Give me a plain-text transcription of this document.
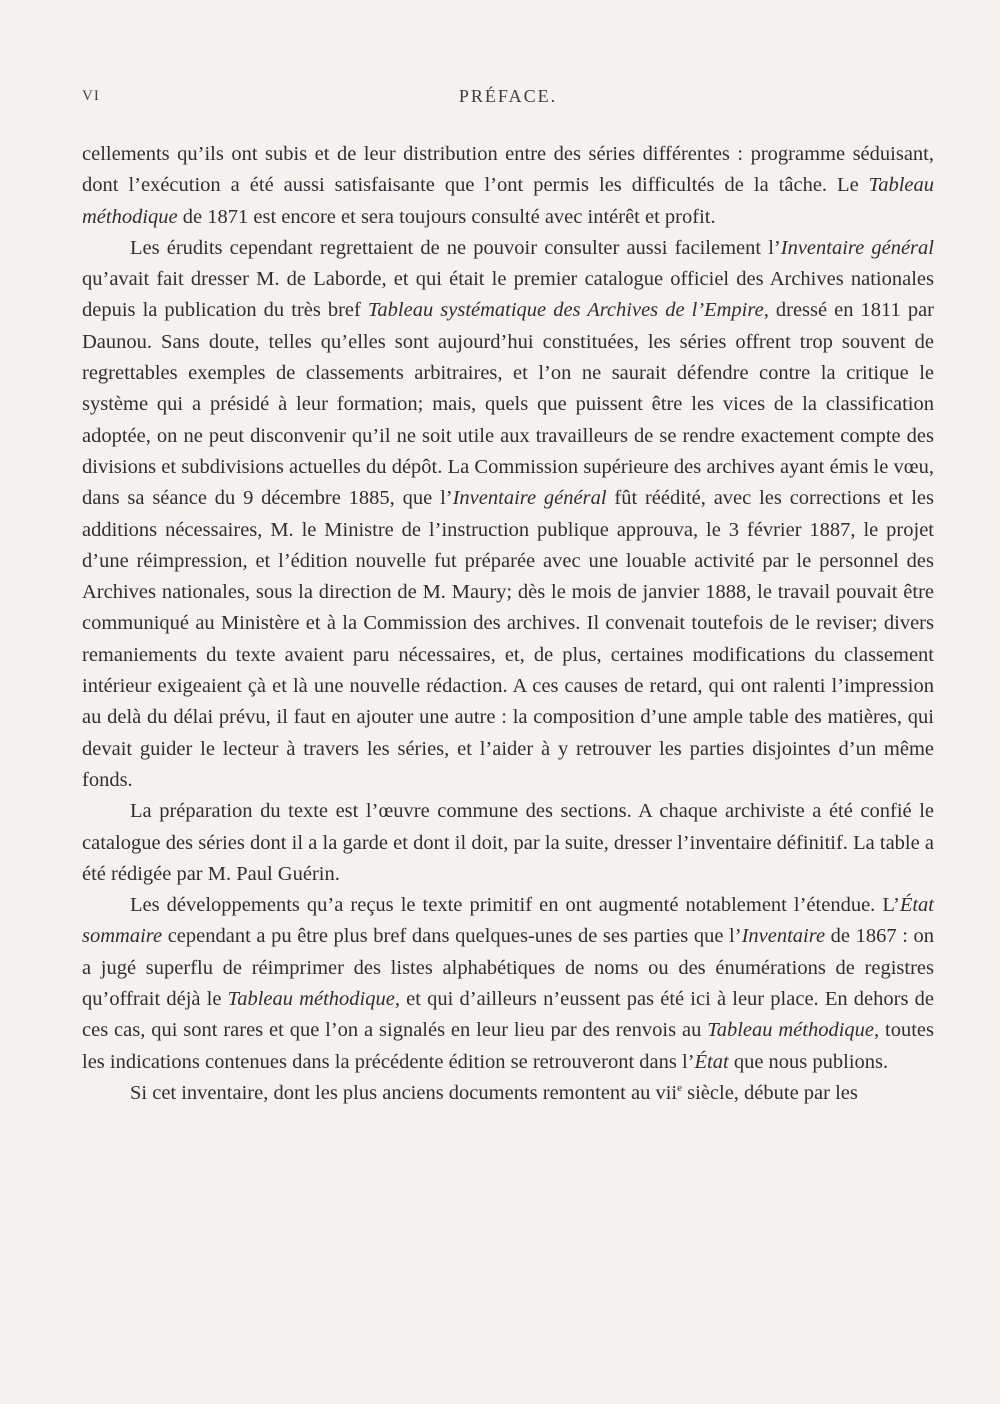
VI	PRÉFACE.

cellements qu’ils ont subis et de leur distribution entre des séries différentes : programme séduisant, dont l’exécution a été aussi satisfaisante que l’ont permis les difficultés de la tâche. Le Tableau méthodique de 1871 est encore et sera toujours consulté avec intérêt et profit.

Les érudits cependant regrettaient de ne pouvoir consulter aussi facilement l’Inventaire général qu’avait fait dresser M. de Laborde, et qui était le premier catalogue officiel des Archives nationales depuis la publication du très bref Tableau systématique des Archives de l’Empire, dressé en 1811 par Daunou. Sans doute, telles qu’elles sont aujourd’hui constituées, les séries offrent trop souvent de regrettables exemples de classements arbitraires, et l’on ne saurait défendre contre la critique le système qui a présidé à leur formation; mais, quels que puissent être les vices de la classification adoptée, on ne peut disconvenir qu’il ne soit utile aux travailleurs de se rendre exactement compte des divisions et subdivisions actuelles du dépôt. La Commission supérieure des archives ayant émis le vœu, dans sa séance du 9 décembre 1885, que l’Inventaire général fût réédité, avec les corrections et les additions nécessaires, M. le Ministre de l’instruction publique approuva, le 3 février 1887, le projet d’une réimpression, et l’édition nouvelle fut préparée avec une louable activité par le personnel des Archives nationales, sous la direction de M. Maury; dès le mois de janvier 1888, le travail pouvait être communiqué au Ministère et à la Commission des archives. Il convenait toutefois de le reviser; divers remaniements du texte avaient paru nécessaires, et, de plus, certaines modifications du classement intérieur exigeaient çà et là une nouvelle rédaction. A ces causes de retard, qui ont ralenti l’impression au delà du délai prévu, il faut en ajouter une autre : la composition d’une ample table des matières, qui devait guider le lecteur à travers les séries, et l’aider à y retrouver les parties disjointes d’un même fonds.

La préparation du texte est l’œuvre commune des sections. A chaque archiviste a été confié le catalogue des séries dont il a la garde et dont il doit, par la suite, dresser l’inventaire définitif. La table a été rédigée par M. Paul Guérin.

Les développements qu’a reçus le texte primitif en ont augmenté notablement l’étendue. L’État sommaire cependant a pu être plus bref dans quelques-unes de ses parties que l’Inventaire de 1867 : on a jugé superflu de réimprimer des listes alphabétiques de noms ou des énumérations de registres qu’offrait déjà le Tableau méthodique, et qui d’ailleurs n’eussent pas été ici à leur place. En dehors de ces cas, qui sont rares et que l’on a signalés en leur lieu par des renvois au Tableau méthodique, toutes les indications contenues dans la précédente édition se retrouveront dans l’État que nous publions.

Si cet inventaire, dont les plus anciens documents remontent au vii$^e$ siècle, débute par les
